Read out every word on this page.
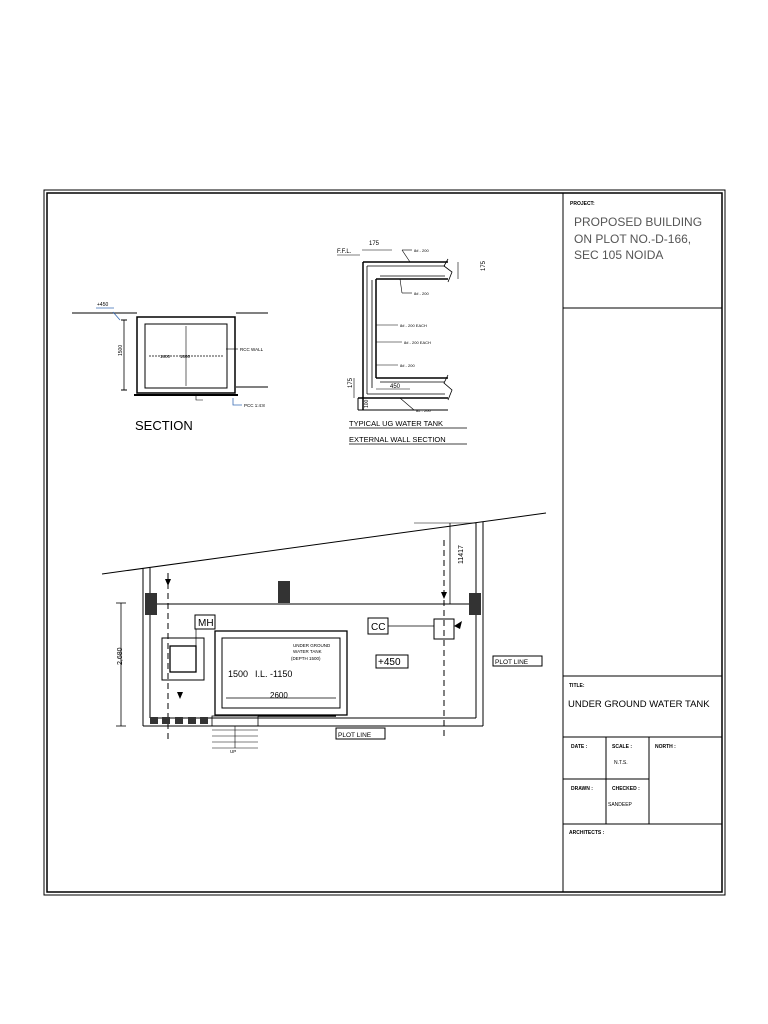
PROJECT:
PROPOSED BUILDING
ON PLOT NO.-D-166,
SEC 105 NOIDA
TITLE:
UNDER GROUND WATER TANK
DATE :	SCALE :
N.T.S.
NORTH :
DRAWN :	CHECKED :
SANDEEP
ARCHITECTS :
+450
1500
1800 1800
RCC WALL
PCC 1:4:8
SECTION
F.F.L.
175
175
175	450
100
8# - 200
8# - 200
8# - 200 EACH
8# - 200 EACH
8# - 200
8# - 200
TYPICAL UG WATER TANK
EXTERNAL WALL SECTION
MH	CC
+450	PLOT LINE
PLOT LINE
UNDER GROUND
WATER TANK
(DEPTH 1500)
1500 I.L. -1150
2600
2,680
11417
UP
